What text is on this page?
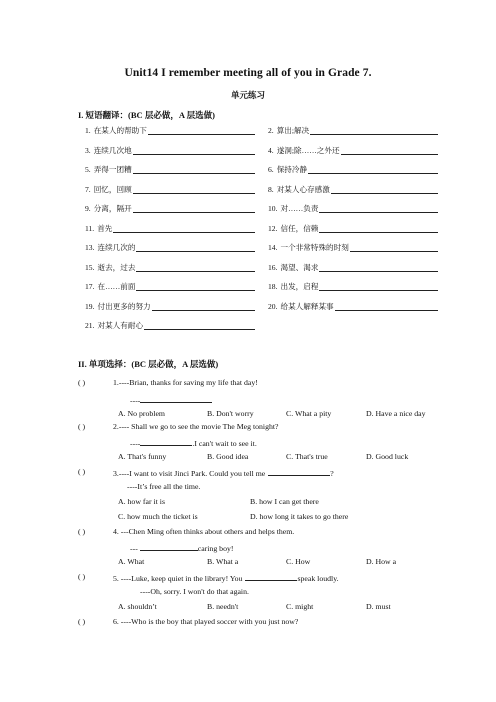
Unit14 I remember meeting all of you in Grade 7.
单元练习
I. 短语翻译：(BC 层必做，A 层选做)
1. 在某人的帮助下	2. 算出;解决
3. 连续几次地	4. 遂洞;除……之外还
5. 弄得一团糟	6. 保持冷静
7. 回忆，回顾	8. 对某人心存感激
9. 分离，隔开	10. 对……负责
11. 首先	12. 信任，信赖
13. 连续几次的	14. 一个非常特殊的时刻
15. 逝去，过去	16. 渴望、渴求
17. 在……前面	18. 出发，启程
19. 付出更多的努力	20. 给某人解释某事
21. 对某人有耐心
II. 单项选择：(BC 层必做，A 层选做)
( )	1.----Brian, thanks for saving my life that day!
----
A. No problem	B. Don't worry	C. What a pity	D. Have a nice day
( )	2.---- Shall we go to see the movie The Meg tonight?
----	.I can't wait to see it.
A. That's funny	B. Good idea	C. That's true	D. Good luck
( )	3.----I want to visit Jinci Park. Could you tell me	?
----It’s free all the time.
A. how far it is	B. how I can get there
C. how much the ticket is	D. how long it takes to go there
( )	4. ---Chen Ming often thinks about others and helps them.
---	caring boy!
A. What	B. What a	C. How	D. How a
( )	5. ----Luke, keep quiet in the library! You	speak loudly.
----Oh, sorry. I won't do that again.
A. shouldn’t	B. needn't	C. might	D. must
( )	6. ----Who is the boy that played soccer with you just now?
